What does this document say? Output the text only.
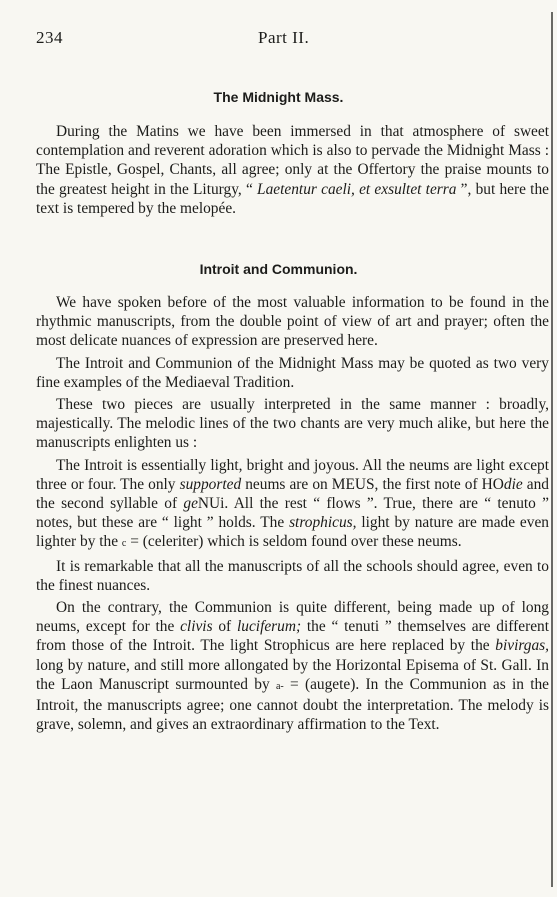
234	Part II.
The Midnight Mass.

During the Matins we have been immersed in that atmosphere of sweet contemplation and reverent adoration which is also to pervade the Midnight Mass : The Epistle, Gospel, Chants, all agree; only at the Offertory the praise mounts to the greatest height in the Liturgy, “ Laetentur caeli, et exsultet terra ”, but here the text is tempered by the melopée.

Introit and Communion.

We have spoken before of the most valuable information to be found in the rhythmic manuscripts, from the double point of view of art and prayer; often the most delicate nuances of expression are preserved here.

The Introit and Communion of the Midnight Mass may be quoted as two very fine examples of the Mediaeval Tradition.

These two pieces are usually interpreted in the same manner : broadly, majestically. The melodic lines of the two chants are very much alike, but here the manuscripts enlighten us :

The Introit is essentially light, bright and joyous. All the neums are light except three or four. The only supported neums are on MEUS, the first note of HOdie and the second syllable of geNUi. All the rest “ flows ”. True, there are “ tenuto ” notes, but these are “ light ” holds. The strophicus, light by nature are made even lighter by the c = (celeriter) which is seldom found over these neums.

It is remarkable that all the manuscripts of all the schools should agree, even to the finest nuances.

On the contrary, the Communion is quite different, being made up of long neums, except for the clivis of luciferum; the “ tenuti ” themselves are different from those of the Introit. The light Strophicus are here replaced by the bivirgas, long by nature, and still more allongated by the Horizontal Episema of St. Gall. In the Laon Manuscript surmounted by a- = (augete). In the Communion as in the Introit, the manuscripts agree; one cannot doubt the interpretation. The melody is grave, solemn, and gives an extraordinary affirmation to the Text.
